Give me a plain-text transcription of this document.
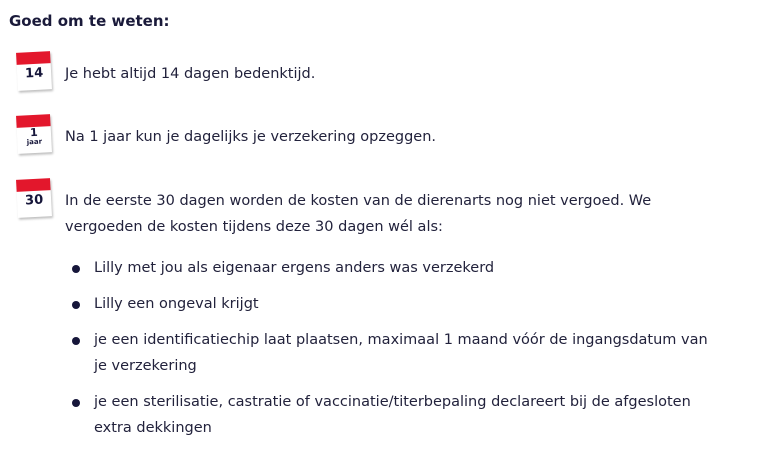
Goed om te weten:
14	Je hebt altijd 14 dagen bedenktijd.
1
jaar	Na 1 jaar kun je dagelijks je verzekering opzeggen.
30	In de eerste 30 dagen worden de kosten van de dierenarts nog niet vergoed. We
vergoeden de kosten tijdens deze 30 dagen wél als:
Lilly met jou als eigenaar ergens anders was verzekerd
Lilly een ongeval krijgt
je een identificatiechip laat plaatsen, maximaal 1 maand vóór de ingangsdatum van
je verzekering
je een sterilisatie, castratie of vaccinatie/titerbepaling declareert bij de afgesloten
extra dekkingen
